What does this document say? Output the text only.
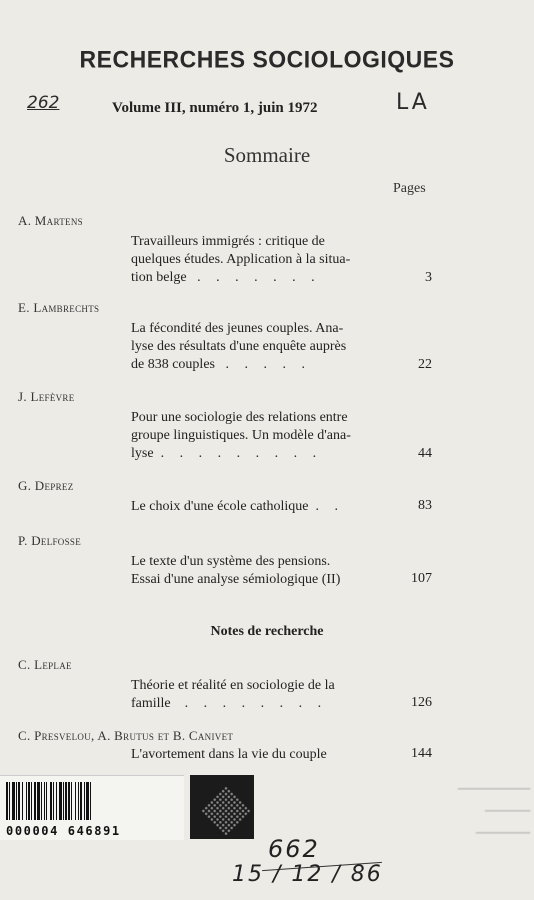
RECHERCHES SOCIOLOGIQUES
262	Volume III, numéro 1, juin 1972	LA
Sommaire
Pages
A. Martens
Travailleurs immigrés : critique de
quelques études. Application à la situa-
tion belge . . . . . . .	3
E. Lambrechts
La fécondité des jeunes couples. Ana-
lyse des résultats d'une enquête auprès
de 838 couples . . . . .	22
J. Lefèvre
Pour une sociologie des relations entre
groupe linguistiques. Un modèle d'ana-
lyse . . . . . . . . .	44
G. Deprez
Le choix d'une école catholique . .	83
P. Delfosse
Le texte d'un système des pensions.
Essai d'une analyse sémiologique (II)	107
Notes de recherche
C. Leplae
Théorie et réalité en sociologie de la
famille . . . . . . . .	126
C. Presvelou, A. Brutus et B. Canivet
L'avortement dans la vie du couple	144
000004 646891
────────
─────
──────
662
15 / 12 / 86
